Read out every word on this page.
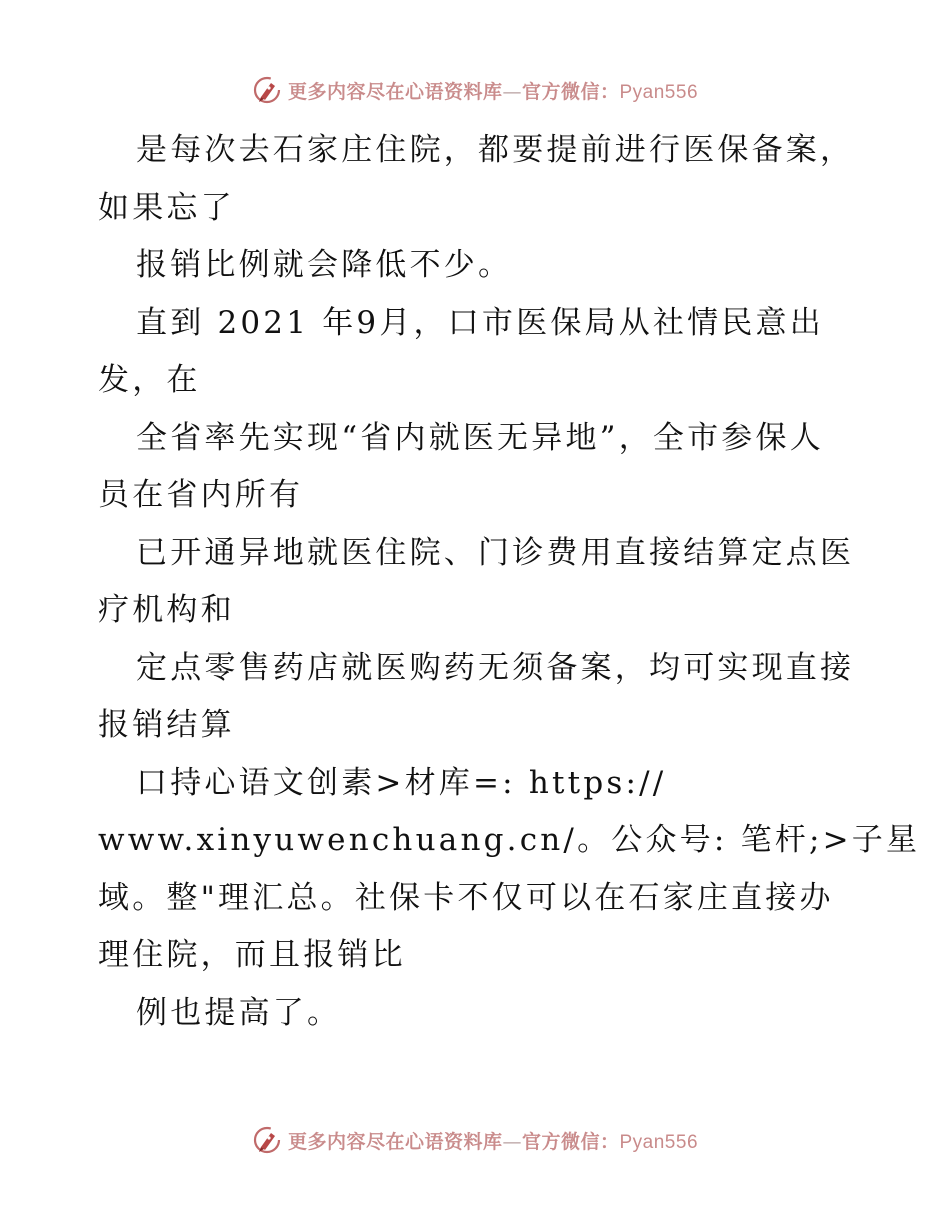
更多内容尽在心语资料库—官方微信：Pyan556
是每次去石家庄住院，都要提前进行医保备案，
如果忘了
报销比例就会降低不少。
直到 2021 年9月，口市医保局从社情民意出
发，在
全省率先实现“省内就医无异地”，全市参保人
员在省内所有
已开通异地就医住院、门诊费用直接结算定点医
疗机构和
定点零售药店就医购药无须备案，均可实现直接
报销结算
口持心语文创素>材库=: https://
www.xinyuwenchuang.cn/。公众号: 笔杆;>子星
域。整"理汇总。社保卡不仅可以在石家庄直接办
理住院，而且报销比
例也提高了。
更多内容尽在心语资料库—官方微信：Pyan556
